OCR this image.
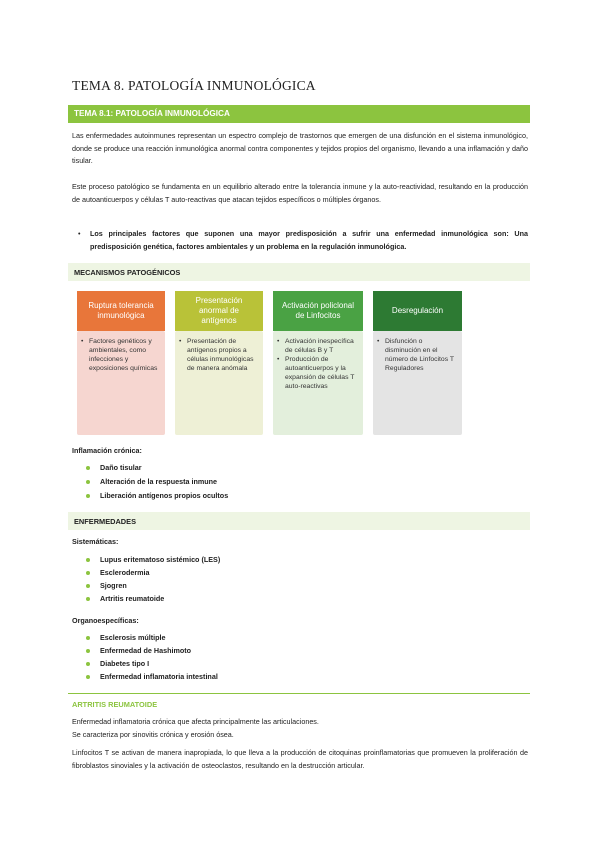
TEMA 8. PATOLOGÍA INMUNOLÓGICA
TEMA 8.1: PATOLOGÍA INMUNOLÓGICA
Las enfermedades autoinmunes representan un espectro complejo de trastornos que emergen de una disfunción en el sistema inmunológico, donde se produce una reacción inmunológica anormal contra componentes y tejidos propios del organismo, llevando a una inflamación y daño tisular.
Este proceso patológico se fundamenta en un equilibrio alterado entre la tolerancia inmune y la auto-reactividad, resultando en la producción de autoanticuerpos y células T auto-reactivas que atacan tejidos específicos o múltiples órganos.
• Los principales factores que suponen una mayor predisposición a sufrir una enfermedad inmunológica son: Una predisposición genética, factores ambientales y un problema en la regulación inmunológica.
MECANISMOS PATOGÉNICOS
Ruptura tolerancia inmunológica
• Factores genéticos y ambientales, como infecciones y exposiciones químicas
Presentación anormal de antígenos
• Presentación de antígenos propios a células inmunológicas de manera anómala
Activación policlonal de Linfocitos
• Activación inespecífica de células B y T
• Producción de autoanticuerpos y la expansión de células T auto-reactivas
Desregulación
• Disfunción o disminución en el número de Linfocitos T Reguladores
Inflamación crónica:
Daño tisular
Alteración de la respuesta inmune
Liberación antígenos propios ocultos
ENFERMEDADES
Sistemáticas:
Lupus eritematoso sistémico (LES)
Esclerodermia
Sjogren
Artritis reumatoide
Organoespecíficas:
Esclerosis múltiple
Enfermedad de Hashimoto
Diabetes tipo I
Enfermedad inflamatoria intestinal
ARTRITIS REUMATOIDE
Enfermedad inflamatoria crónica que afecta principalmente las articulaciones.
Se caracteriza por sinovitis crónica y erosión ósea.
Linfocitos T se activan de manera inapropiada, lo que lleva a la producción de citoquinas proinflamatorias que promueven la proliferación de fibroblastos sinoviales y la activación de osteoclastos, resultando en la destrucción articular.
